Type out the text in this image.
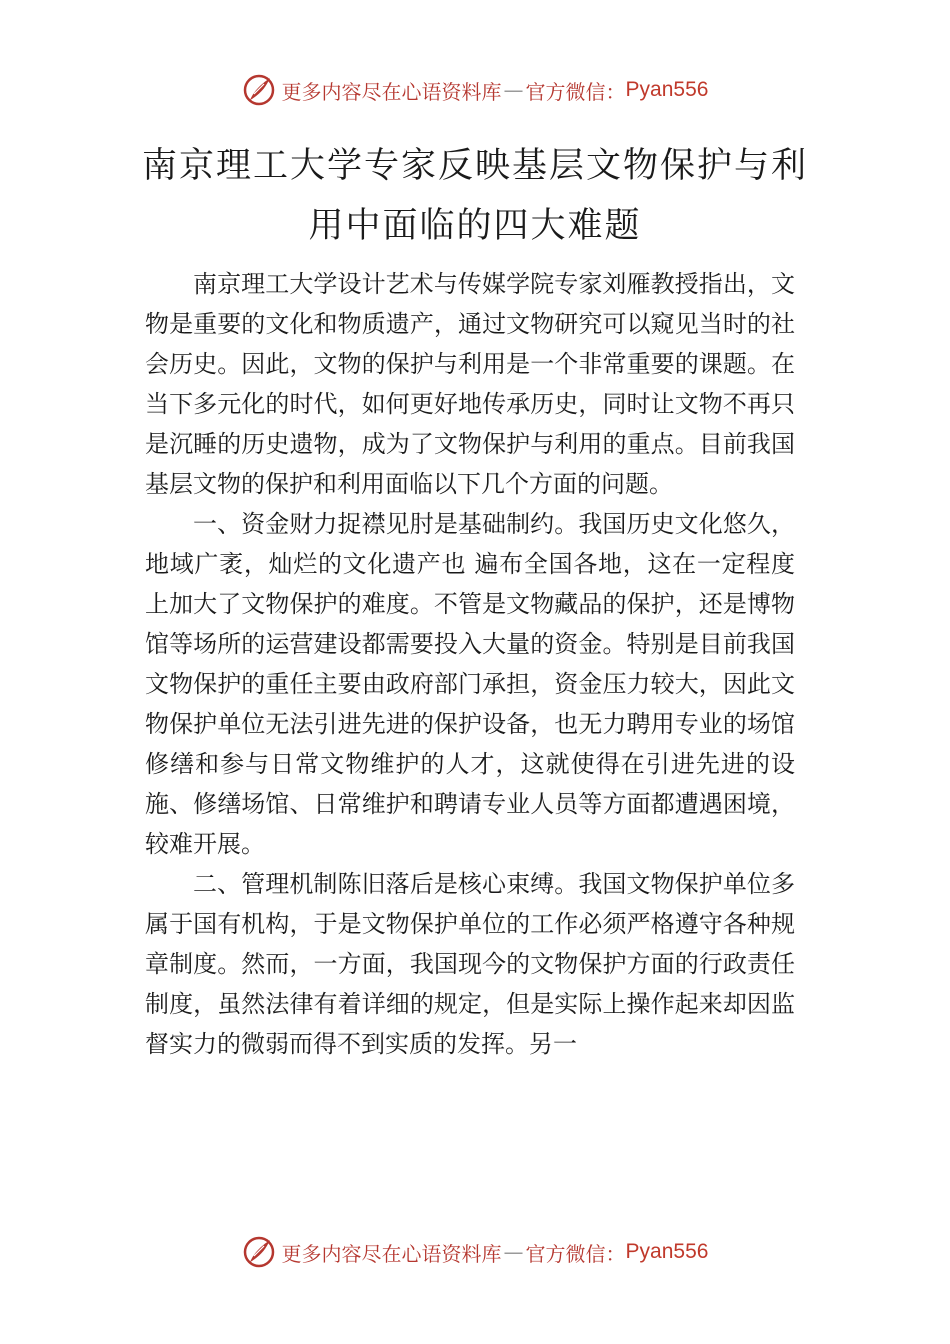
更多内容尽在心语资料库 — 官方微信： Pyan556
南京理工大学专家反映基层文物保护与利用中面临的四大难题

南京理工大学设计艺术与传媒学院专家刘雁教授指出，文物是重要的文化和物质遗产，通过文物研究可以窥见当时的社会历史。因此，文物的保护与利用是一个非常重要的课题。在当下多元化的时代，如何更好地传承历史，同时让文物不再只是沉睡的历史遗物，成为了文物保护与利用的重点。目前我国基层文物的保护和利用面临以下几个方面的问题。

一、资金财力捉襟见肘是基础制约。我国历史文化悠久，地域广袤，灿烂的文化遗产也 遍布全国各地，这在一定程度上加大了文物保护的难度。不管是文物藏品的保护，还是博物馆等场所的运营建设都需要投入大量的资金。特别是目前我国文物保护的重任主要由政府部门承担，资金压力较大，因此文物保护单位无法引进先进的保护设备，也无力聘用专业的场馆修缮和参与日常文物维护的人才，这就使得在引进先进的设施、修缮场馆、日常维护和聘请专业人员等方面都遭遇困境，较难开展。

二、管理机制陈旧落后是核心束缚。我国文物保护单位多属于国有机构，于是文物保护单位的工作必须严格遵守各种规章制度。然而，一方面，我国现今的文物保护方面的行政责任制度，虽然法律有着详细的规定，但是实际上操作起来却因监督实力的微弱而得不到实质的发挥。另一

更多内容尽在心语资料库 — 官方微信： Pyan556
